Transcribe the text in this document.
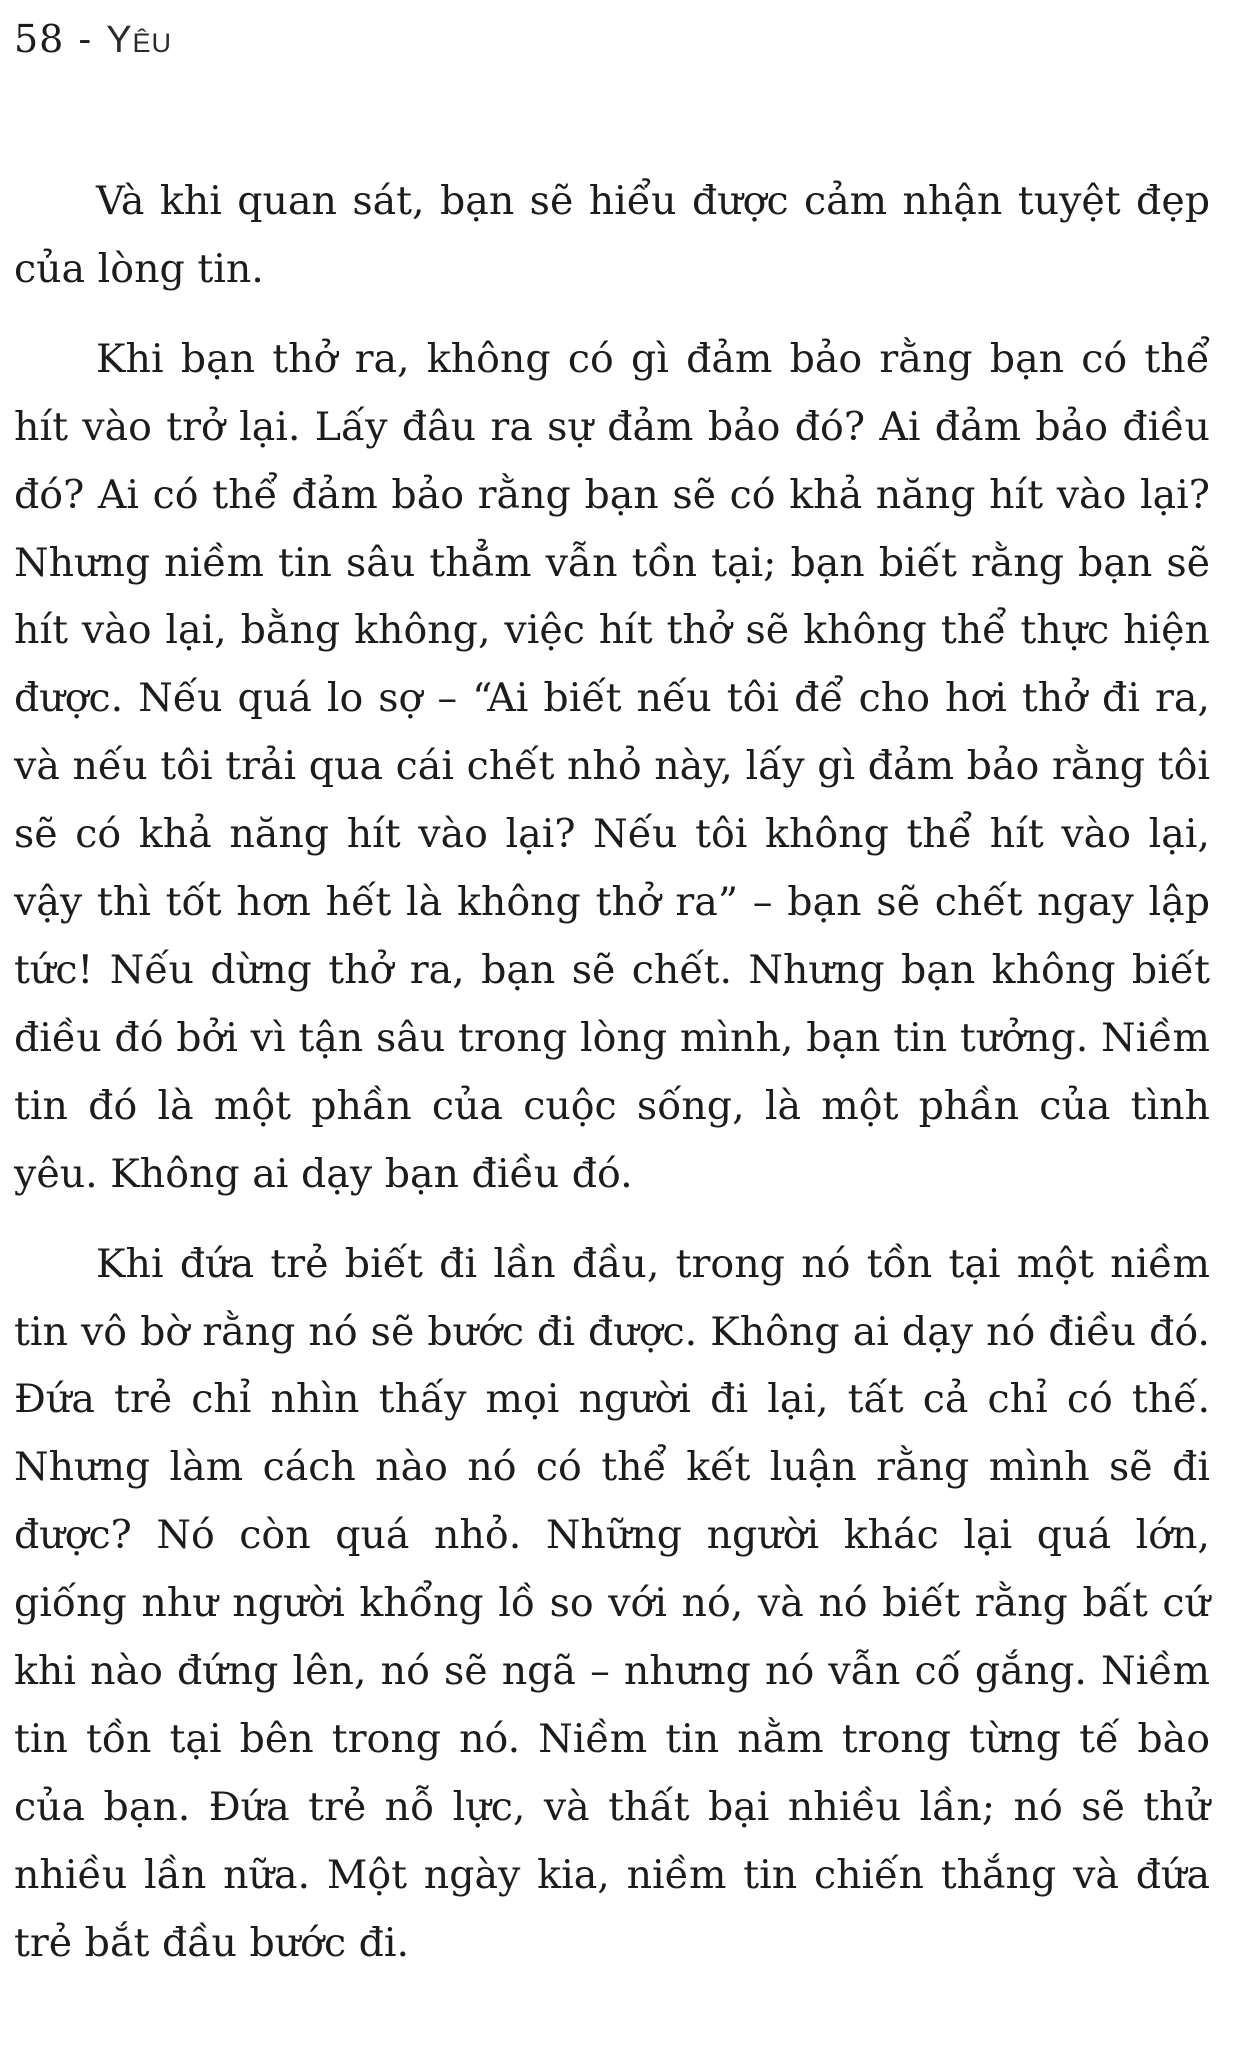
58 - Yêu

Và khi quan sát, bạn sẽ hiểu được cảm nhận tuyệt đẹp của lòng tin.

Khi bạn thở ra, không có gì đảm bảo rằng bạn có thể hít vào trở lại. Lấy đâu ra sự đảm bảo đó? Ai đảm bảo điều đó? Ai có thể đảm bảo rằng bạn sẽ có khả năng hít vào lại? Nhưng niềm tin sâu thẳm vẫn tồn tại; bạn biết rằng bạn sẽ hít vào lại, bằng không, việc hít thở sẽ không thể thực hiện được. Nếu quá lo sợ – “Ai biết nếu tôi để cho hơi thở đi ra, và nếu tôi trải qua cái chết nhỏ này, lấy gì đảm bảo rằng tôi sẽ có khả năng hít vào lại? Nếu tôi không thể hít vào lại, vậy thì tốt hơn hết là không thở ra” – bạn sẽ chết ngay lập tức! Nếu dừng thở ra, bạn sẽ chết. Nhưng bạn không biết điều đó bởi vì tận sâu trong lòng mình, bạn tin tưởng. Niềm tin đó là một phần của cuộc sống, là một phần của tình yêu. Không ai dạy bạn điều đó.

Khi đứa trẻ biết đi lần đầu, trong nó tồn tại một niềm tin vô bờ rằng nó sẽ bước đi được. Không ai dạy nó điều đó. Đứa trẻ chỉ nhìn thấy mọi người đi lại, tất cả chỉ có thế. Nhưng làm cách nào nó có thể kết luận rằng mình sẽ đi được? Nó còn quá nhỏ. Những người khác lại quá lớn, giống như người khổng lồ so với nó, và nó biết rằng bất cứ khi nào đứng lên, nó sẽ ngã – nhưng nó vẫn cố gắng. Niềm tin tồn tại bên trong nó. Niềm tin nằm trong từng tế bào của bạn. Đứa trẻ nỗ lực, và thất bại nhiều lần; nó sẽ thử nhiều lần nữa. Một ngày kia, niềm tin chiến thắng và đứa trẻ bắt đầu bước đi.
